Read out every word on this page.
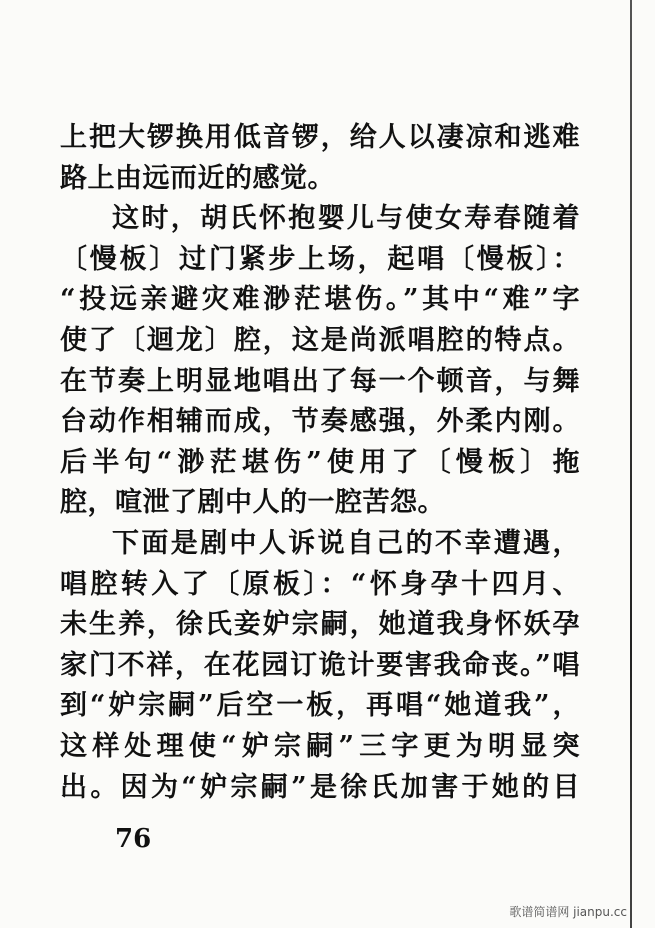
上把大锣换用低音锣，给人以凄凉和逃难
路上由远而近的感觉。
这时，胡氏怀抱婴儿与使女寿春随着
〔慢板〕过门紧步上场，起唱〔慢板〕：
“投远亲避灾难渺茫堪伤。”其中“难”字
使了〔迴龙〕腔，这是尚派唱腔的特点。
在节奏上明显地唱出了每一个顿音，与舞
台动作相辅而成，节奏感强，外柔内刚。
后半句“渺茫堪伤”使用了〔慢板〕拖
腔，喧泄了剧中人的一腔苦怨。
下面是剧中人诉说自己的不幸遭遇，
唱腔转入了〔原板〕：“怀身孕十四月、
未生养，徐氏妾妒宗嗣，她道我身怀妖孕
家门不祥，在花园订诡计要害我命丧。”唱
到“妒宗嗣”后空一板，再唱“她道我”，
这样处理使“妒宗嗣”三字更为明显突
出。因为“妒宗嗣”是徐氏加害于她的目
76
歌谱简谱网 jianpu.cc
